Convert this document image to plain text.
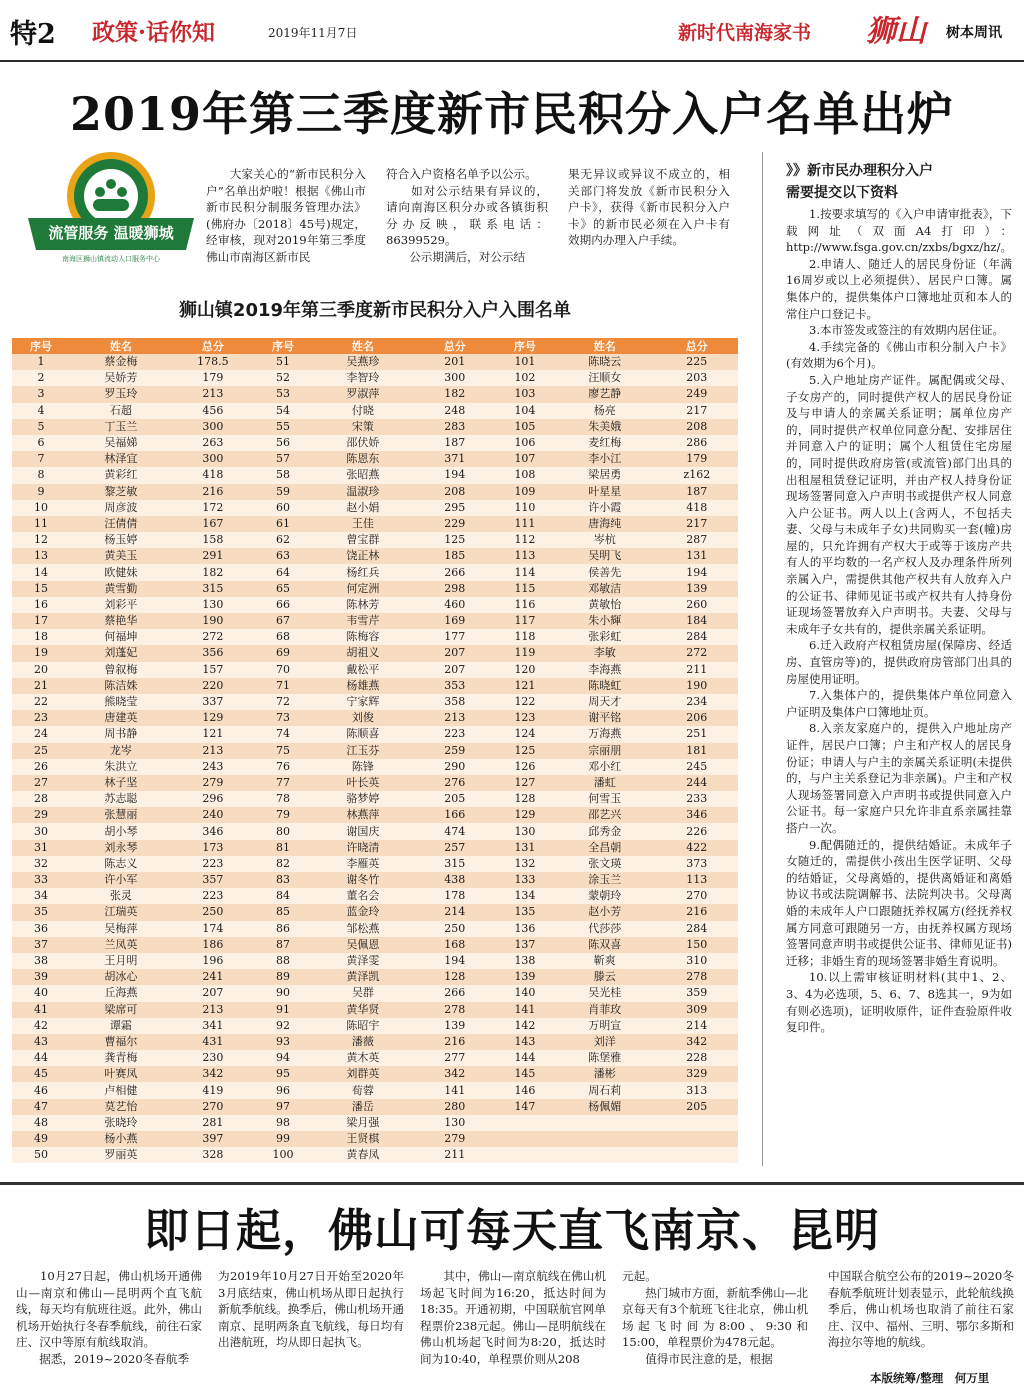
特2 政策·话你知	2019年11月7日	新时代南海家书 狮山 树本周讯
2019年第三季度新市民积分入户名单出炉
流管服务 温暖狮城
南海区狮山镇流动人口服务中心
　　大家关心的“新市民积分入户”名单出炉啦！根据《佛山市新市民积分制服务管理办法》(佛府办〔2018〕45号)规定，经审核，现对2019年第三季度佛山市南海区新市民
符合入户资格名单予以公示。
　　如对公示结果有异议的，请向南海区积分办或各镇街积分办反映，联系电话：86399529。
　　公示期满后，对公示结
果无异议或异议不成立的，相关部门将发放《新市民积分入户卡》，获得《新市民积分入户卡》的新市民必须在入户卡有效期内办理入户手续。
狮山镇2019年第三季度新市民积分入户入围名单
序号	姓名	总分	序号	姓名	总分	序号	姓名	总分
1	蔡金梅	178.5	51	吴燕珍	201	101	陈晓云	225
2	吴娇芳	179	52	李智玲	300	102	汪顺女	203
3	罗玉玲	213	53	罗淑萍	182	103	廖艺静	249
4	石超	456	54	付晓	248	104	杨亮	217
5	丁玉兰	300	55	宋策	283	105	朱美娥	208
6	吴福娣	263	56	邵伏娇	187	106	麦红梅	286
7	林泽宜	300	57	陈恩东	371	107	李小江	179
8	黄彩红	418	58	张昭燕	194	108	梁居勇	z162
9	黎芝敏	216	59	温淑珍	208	109	叶星星	187
10	周彦波	172	60	赵小娟	295	110	许小霞	418
11	汪倩倩	167	61	王佳	229	111	唐海纯	217
12	杨玉婷	158	62	曾宝群	125	112	岑杭	287
13	黄美玉	291	63	饶正林	185	113	吴明飞	131
14	欧健妹	182	64	杨红兵	266	114	侯善先	194
15	黄雪勤	315	65	何定洲	298	115	邓敏洁	139
16	刘彩平	130	66	陈林芳	460	116	黄敏怡	260
17	蔡艳华	190	67	韦雪芹	169	117	朱小輝	184
18	何福坤	272	68	陈梅容	177	118	张彩虹	284
19	刘蓬妃	356	69	胡祖义	207	119	李敏	272
20	曾叙梅	157	70	戴松平	207	120	李海燕	211
21	陈洁姝	220	71	杨雄燕	353	121	陈晓虹	190
22	熊晓莹	337	72	宁家辉	358	122	周天才	234
23	唐建英	129	73	刘俊	213	123	谢平铭	206
24	周书静	121	74	陈顺喜	223	124	万海燕	251
25	龙岑	213	75	江玉芬	259	125	宗丽朋	181
26	朱洪立	243	76	陈锋	290	126	邓小红	245
27	林子坚	279	77	叶长英	276	127	潘虹	244
28	苏志聪	296	78	骆梦婷	205	128	何雪玉	233
29	张慧丽	240	79	林燕萍	166	129	邵艺兴	346
30	胡小琴	346	80	谢国庆	474	130	邱秀金	226
31	刘永琴	173	81	许晓清	257	131	全昌朝	422
32	陈志义	223	82	李雁英	315	132	张文瑛	373
33	许小军	357	83	谢冬竹	438	133	涂玉兰	113
34	张灵	223	84	董名会	178	134	蒙朝玲	270
35	江瑞英	250	85	蓝金玲	214	135	赵小芳	216
36	吴梅萍	174	86	邹松燕	250	136	代莎莎	284
37	兰凤英	186	87	吴佩恩	168	137	陈双喜	150
38	王月明	196	88	黄泽雯	194	138	靳爽	310
39	胡冰心	241	89	黄泽凯	128	139	滕云	278
40	丘海燕	207	90	吴群	266	140	吴光桂	359
41	梁席可	213	91	黄华贤	278	141	肖菲玫	309
42	谭霜	341	92	陈昭宇	139	142	万明宣	214
43	曹福尔	431	93	潘薇	216	143	刘洋	342
44	龚青梅	230	94	黄木英	277	144	陈堡雅	228
45	叶赛凤	342	95	刘群英	342	145	潘彬	329
46	卢相健	419	96	荀蓉	141	146	周石莉	313
47	莫艺怡	270	97	潘岳	280	147	杨佩媚	205
48	张晓玲	281	98	梁月强	130			
49	杨小燕	397	99	王贤棋	279			
50	罗丽英	328	100	黄春凤	211			
》》新市民办理积分入户
需要提交以下资料

1.按要求填写的《入户申请审批表》，下载网址（双面A4打印）：http://www.fsga.gov.cn/zxbs/bgxz/hz/。

2.申请人、随迁人的居民身份证（年满16周岁或以上必须提供）、居民户口簿。属集体户的，提供集体户口簿地址页和本人的常住户口登记卡。

3.本市签发或签注的有效期内居住证。

4.手续完备的《佛山市积分制入户卡》(有效期为6个月)。

5.入户地址房产证件。属配偶或父母、子女房产的，同时提供产权人的居民身份证及与申请人的亲属关系证明；属单位房产的，同时提供产权单位同意分配、安排居住并同意入户的证明；属个人租赁住宅房屋的，同时提供政府房管(或流管)部门出具的出租屋租赁登记证明，并由产权人持身份证现场签署同意入户声明书或提供产权人同意入户公证书。两人以上(含两人，不包括夫妻、父母与未成年子女)共同购买一套(幢)房屋的，只允许拥有产权大于或等于该房产共有人的平均数的一名产权人及办理条件所列亲属入户，需提供其他产权共有人放弃入户的公证书、律师见证书或产权共有人持身份证现场签署放弃入户声明书。夫妻、父母与未成年子女共有的，提供亲属关系证明。

6.迁入政府产权租赁房屋(保障房、经适房、直管房等)的，提供政府房管部门出具的房屋使用证明。

7.入集体户的，提供集体户单位同意入户证明及集体户口簿地址页。

8.入亲友家庭户的，提供入户地址房产证件，居民户口簿；户主和产权人的居民身份证；申请人与户主的亲属关系证明(未提供的，与户主关系登记为非亲属)。户主和产权人现场签署同意入户声明书或提供同意入户公证书。每一家庭户只允许非直系亲属挂靠搭户一次。

9.配偶随迁的，提供结婚证。未成年子女随迁的，需提供小孩出生医学证明、父母的结婚证，父母离婚的，提供离婚证和离婚协议书或法院调解书、法院判决书。父母离婚的未成年人户口跟随抚养权属方(经抚养权属方同意可跟随另一方，由抚养权属方现场签署同意声明书或提供公证书、律师见证书)迁移；非婚生育的现场签署非婚生育说明。

10.以上需审核证明材料(其中1、2、3、4为必选项，5、6、7、8选其一，9为如有则必选项)，证明收原件，证件查验原件收复印件。

即日起，佛山可每天直飞南京、昆明
　　10月27日起，佛山机场开通佛山—南京和佛山—昆明两个直飞航线，每天均有航班往返。此外，佛山机场开始执行冬春季航线，前往石家庄、汉中等原有航线取消。
　　据悉，2019~2020冬春航季
为2019年10月27日开始至2020年3月底结束，佛山机场从即日起执行新航季航线。换季后，佛山机场开通南京、昆明两条直飞航线，每日均有出港航班，均从即日起执飞。
　　其中，佛山—南京航线在佛山机场起飞时间为16:20，抵达时间为18:35。开通初期，中国联航官网单程票价238元起。佛山—昆明航线在佛山机场起飞时间为8:20，抵达时间为10:40，单程票价则从208
元起。
　　热门城市方面，新航季佛山—北京每天有3个航班飞往北京，佛山机场起飞时间为8:00、9:30和15:00，单程票价为478元起。
　　值得市民注意的是，根据
中国联合航空公布的2019~2020冬春航季航班计划表显示，此轮航线换季后，佛山机场也取消了前往石家庄、汉中、福州、三明、鄂尔多斯和海拉尔等地的航线。
本版统筹/整理　何万里
